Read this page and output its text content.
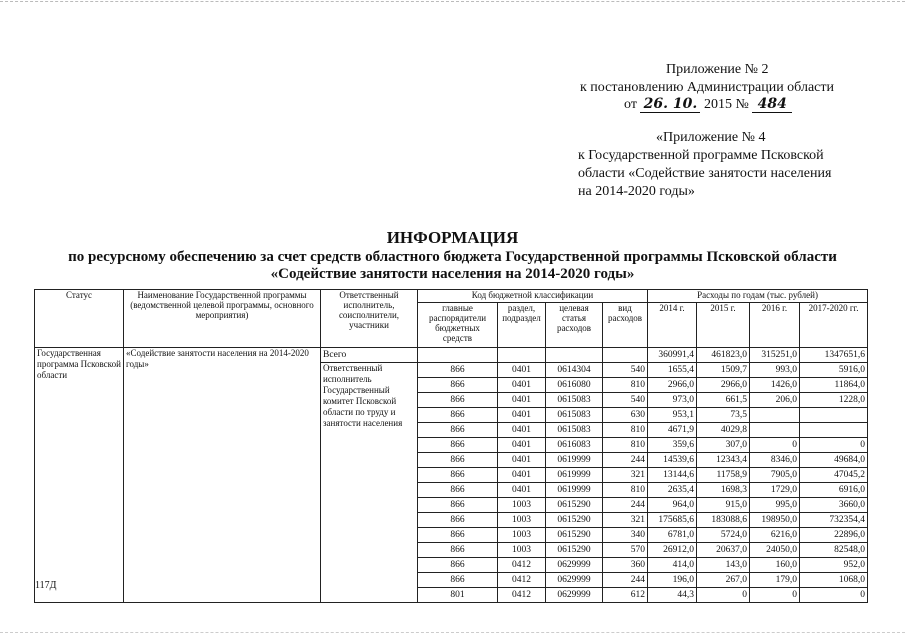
Приложение № 2
к постановлению Администрации области
от 26. 10. 2015 № 484
«Приложение № 4
к Государственной программе Псковской
области «Содействие занятости населения
на 2014-2020 годы»
ИНФОРМАЦИЯ
по ресурсному обеспечению за счет средств областного бюджета Государственной программы Псковской области
«Содействие занятости населения на 2014-2020 годы»
Статус	Наименование Государственной программы (ведомственной целевой программы, основного мероприятия)	Ответственный исполнитель, соисполнители, участники	Код бюджетной классификации				Расходы по годам (тыс. рублей)			
			главные распорядители бюджетных средств	раздел, подраздел	целевая статья расходов	вид расходов	2014 г.	2015 г.	2016 г.	2017-2020 гг.
Государственная программа Псковской области	«Содействие занятости населения на 2014-2020 годы»	Всего					360991,4	461823,0	315251,0	1347651,6
		Ответственный исполнитель Государственный комитет Псковской области по труду и занятости населения	866	0401	0614304	540	1655,4	1509,7	993,0	5916,0
			866	0401	0616080	810	2966,0	2966,0	1426,0	11864,0
			866	0401	0615083	540	973,0	661,5	206,0	1228,0
			866	0401	0615083	630	953,1	73,5		
			866	0401	0615083	810	4671,9	4029,8		
			866	0401	0616083	810	359,6	307,0	0	0
			866	0401	0619999	244	14539,6	12343,4	8346,0	49684,0
			866	0401	0619999	321	13144,6	11758,9	7905,0	47045,2
			866	0401	0619999	810	2635,4	1698,3	1729,0	6916,0
			866	1003	0615290	244	964,0	915,0	995,0	3660,0
			866	1003	0615290	321	175685,6	183088,6	198950,0	732354,4
			866	1003	0615290	340	6781,0	5724,0	6216,0	22896,0
			866	1003	0615290	570	26912,0	20637,0	24050,0	82548,0
			866	0412	0629999	360	414,0	143,0	160,0	952,0
			866	0412	0629999	244	196,0	267,0	179,0	1068,0
			801	0412	0629999	612	44,3	0	0	0
117Д
